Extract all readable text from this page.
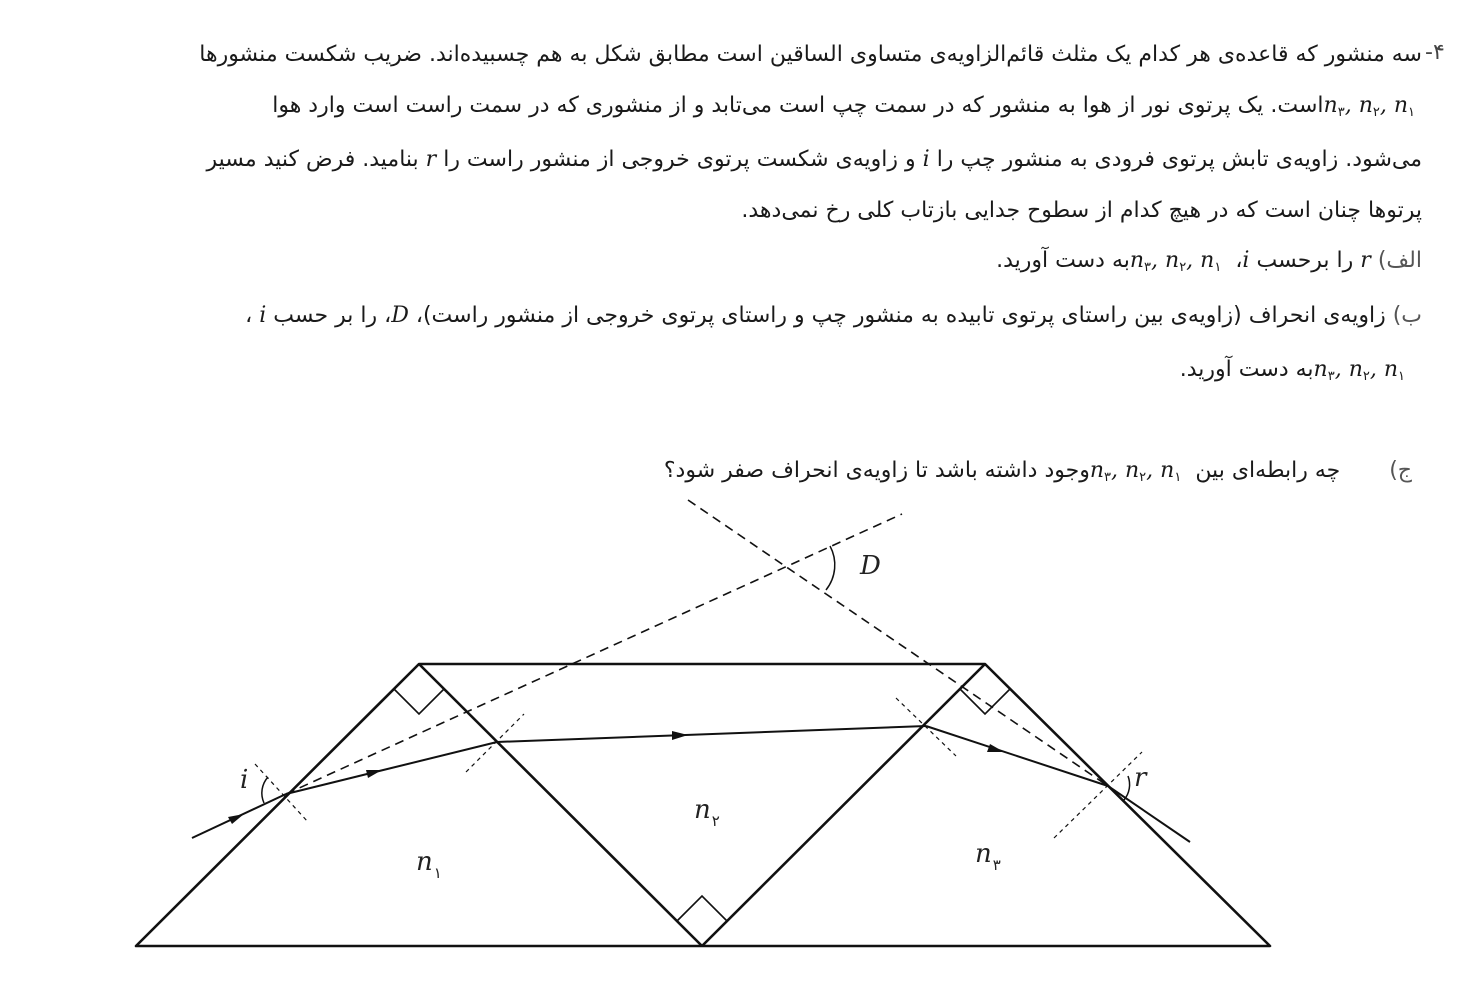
-۴
سه منشور که قاعده‌ی هر کدام یک مثلث قائم‌الزاویه‌ی متساوی الساقین است مطابق شکل به هم چسبیده‌اند. ضریب شکست منشورها
$n_۳$, $n_۲$, $n_۱$ است. یک پرتوی نور از هوا به منشور که در سمت چپ است می‌تابد و از منشوری که در سمت راست است وارد هوا
می‌شود. زاویه‌ی تابش پرتوی فرودی به منشور چپ را i و زاویه‌ی شکست پرتوی خروجی از منشور راست را r بنامید. فرض کنید مسیر
پرتوها چنان است که در هیچ کدام از سطوح جدایی بازتاب کلی رخ نمی‌دهد.
الف) r را برحسب i، $n_۳$, $n_۲$, $n_۱$ به دست آورید.
ب) زاویه‌ی انحراف (زاویه‌ی بین راستای پرتوی تابیده به منشور چپ و راستای پرتوی خروجی از منشور راست)، D، را بر حسب i ،
$n_۳$, $n_۲$, $n_۱$ به دست آورید.
ج)       چه رابطه‌ای بین $n_۳$, $n_۲$, $n_۱$ وجود داشته باشد تا زاویه‌ی انحراف صفر شود؟
i	r
D
n۱
n۲
n۳
